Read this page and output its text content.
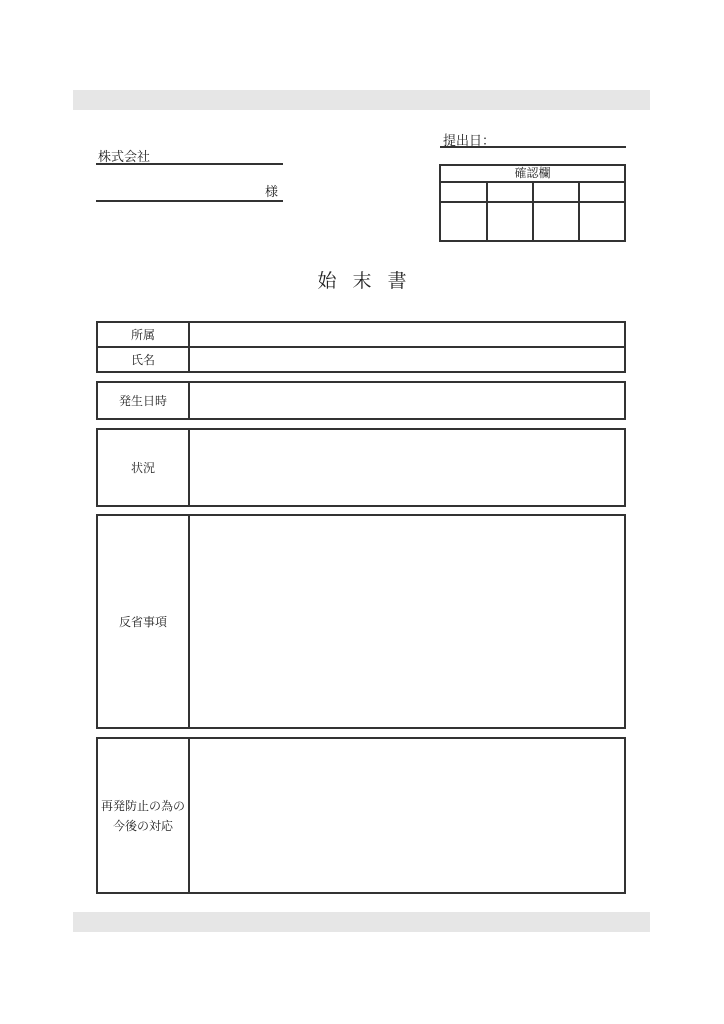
提出日：
株式会社
様
確認欄
始末書
所属
氏名
発生日時
状況
反省事項
再発防止の為の
今後の対応
